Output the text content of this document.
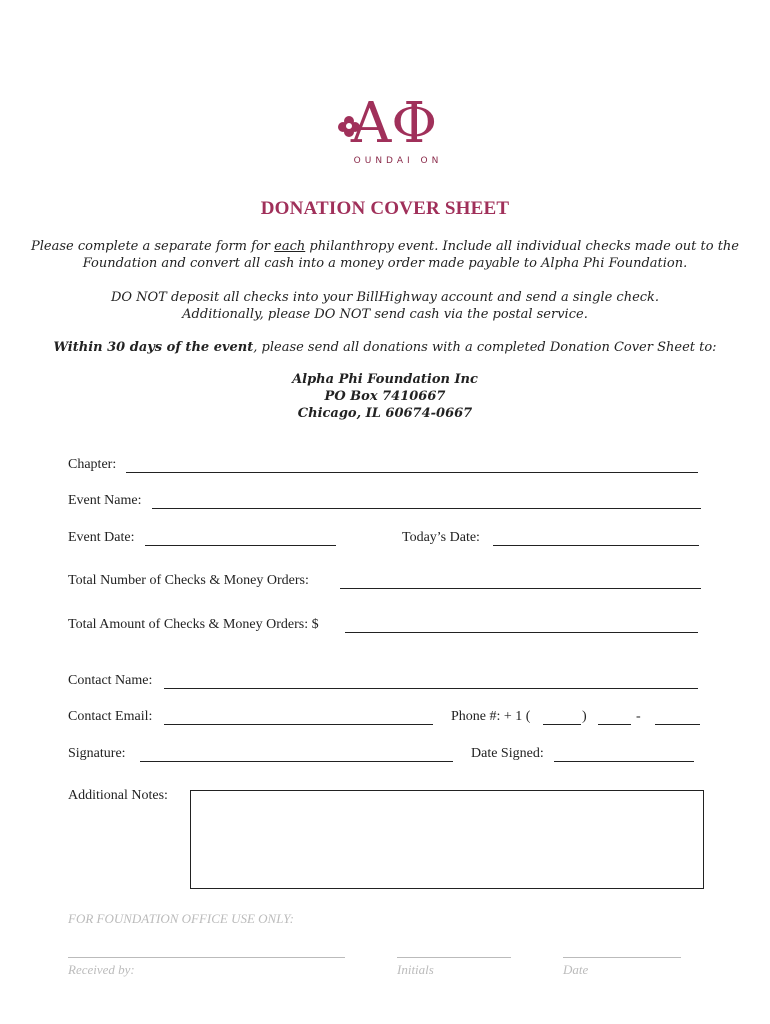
AΦ
OUNDAI ON
DONATION COVER SHEET
Please complete a separate form for each philanthropy event. Include all individual checks made out to the
Foundation and convert all cash into a money order made payable to Alpha Phi Foundation.
DO NOT deposit all checks into your BillHighway account and send a single check.
Additionally, please DO NOT send cash via the postal service.
Within 30 days of the event, please send all donations with a completed Donation Cover Sheet to:
Alpha Phi Foundation Inc
PO Box 7410667
Chicago, IL 60674-0667
Chapter:
Event Name:
Event Date:	Today’s Date:
Total Number of Checks & Money Orders:
Total Amount of Checks & Money Orders: $
Contact Name:
Contact Email:	Phone #: + 1 (	)	-
Signature:	Date Signed:
Additional Notes:
FOR FOUNDATION OFFICE USE ONLY:
Received by:	Initials	Date
